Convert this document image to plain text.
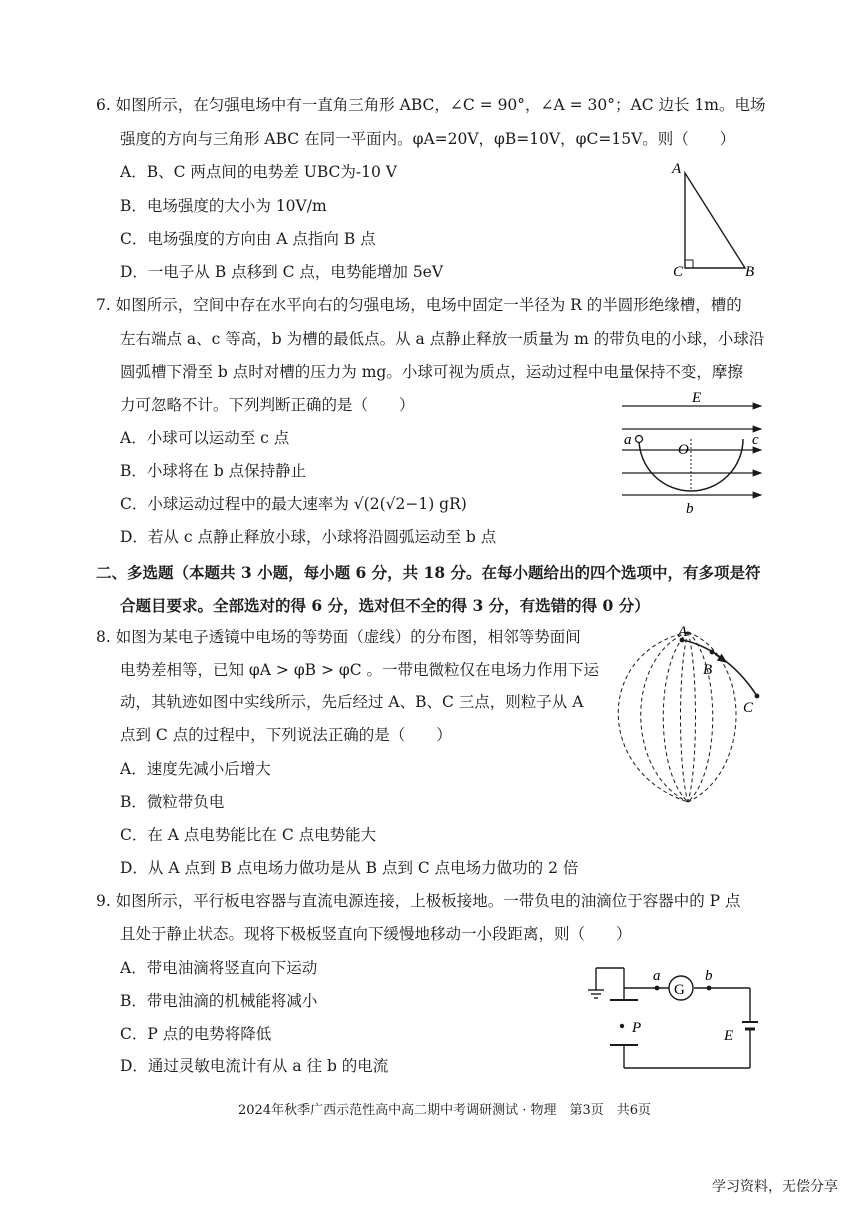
6. 如图所示，在匀强电场中有一直角三角形 ABC，∠C = 90°，∠A = 30°；AC 边长 1m。电场
强度的方向与三角形 ABC 在同一平面内。φA=20V，φB=10V，φC=15V。则（　　）
A．B、C 两点间的电势差 UBC为-10 V
B．电场强度的大小为 10V/m
C．电场强度的方向由 A 点指向 B 点
D．一电子从 B 点移到 C 点，电势能增加 5eV
A
C	B
7. 如图所示，空间中存在水平向右的匀强电场，电场中固定一半径为 R 的半圆形绝缘槽，槽的
左右端点 a、c 等高，b 为槽的最低点。从 a 点静止释放一质量为 m 的带负电的小球，小球沿
圆弧槽下滑至 b 点时对槽的压力为 mg。小球可视为质点，运动过程中电量保持不变，摩擦
力可忽略不计。下列判断正确的是（　　）
A．小球可以运动至 c 点
B．小球将在 b 点保持静止
C．小球运动过程中的最大速率为 √(2(√2−1) gR)
D．若从 c 点静止释放小球，小球将沿圆弧运动至 b 点
E
a
O
c
b
二、多选题（本题共 3 小题，每小题 6 分，共 18 分。在每小题给出的四个选项中，有多项是符
合题目要求。全部选对的得 6 分，选对但不全的得 3 分，有选错的得 0 分）
8. 如图为某电子透镜中电场的等势面（虚线）的分布图，相邻等势面间
电势差相等，已知 φA > φB > φC 。一带电微粒仅在电场力作用下运
动，其轨迹如图中实线所示，先后经过 A、B、C 三点，则粒子从 A
点到 C 点的过程中，下列说法正确的是（　　）
A．速度先减小后增大
B．微粒带负电
C．在 A 点电势能比在 C 点电势能大
D．从 A 点到 B 点电场力做功是从 B 点到 C 点电场力做功的 2 倍
A
B
C
9. 如图所示，平行板电容器与直流电源连接，上极板接地。一带负电的油滴位于容器中的 P 点
且处于静止状态。现将下极板竖直向下缓慢地移动一小段距离，则（　　）
A．带电油滴将竖直向下运动
B．带电油滴的机械能将减小
C．P 点的电势将降低
D．通过灵敏电流计有从 a 往 b 的电流
G
a	b
P	E
2024年秋季广西示范性高中高二期中考调研测试 · 物理　第3页　共6页
学习资料，无偿分享
